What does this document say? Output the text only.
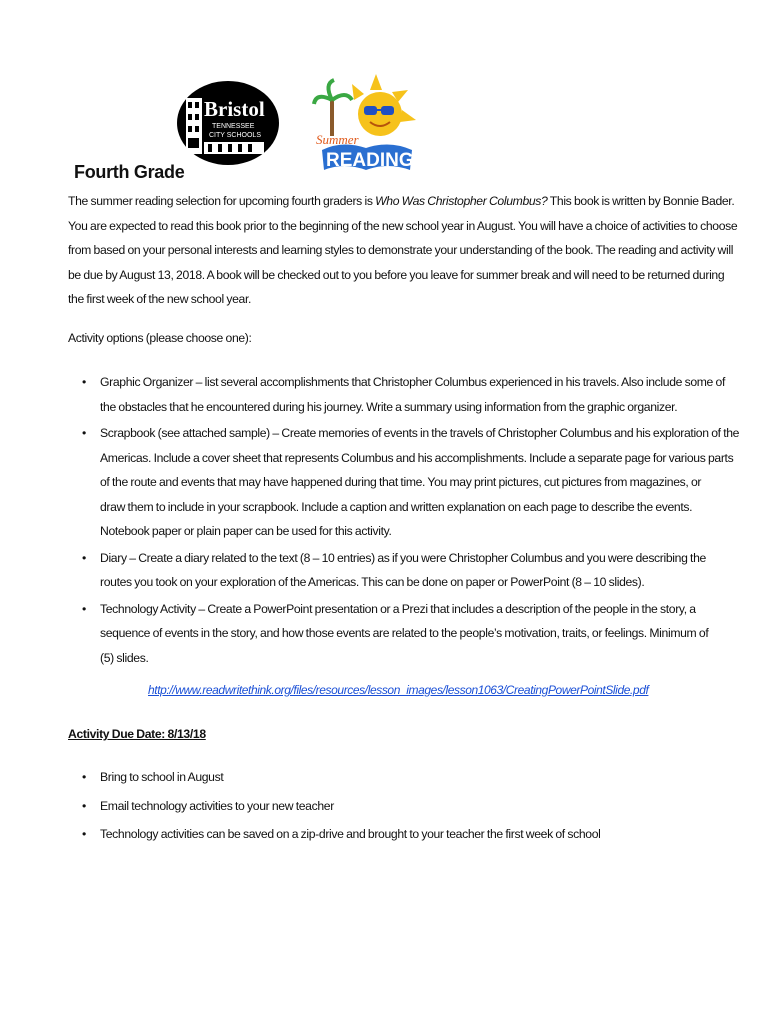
Bristol
TENNESSEE
CITY SCHOOLS	Summer
READING
Fourth Grade
The summer reading selection for upcoming fourth graders is Who Was Christopher Columbus? This book is written by Bonnie Bader.
You are expected to read this book prior to the beginning of the new school year in August. You will have a choice of activities to choose
from based on your personal interests and learning styles to demonstrate your understanding of the book. The reading and activity will
be due by August 13, 2018. A book will be checked out to you before you leave for summer break and will need to be returned during
the first week of the new school year.
Activity options (please choose one):
• Graphic Organizer – list several accomplishments that Christopher Columbus experienced in his travels. Also include some of
the obstacles that he encountered during his journey. Write a summary using information from the graphic organizer.
• Scrapbook (see attached sample) – Create memories of events in the travels of Christopher Columbus and his exploration of the
Americas. Include a cover sheet that represents Columbus and his accomplishments. Include a separate page for various parts
of the route and events that may have happened during that time. You may print pictures, cut pictures from magazines, or
draw them to include in your scrapbook. Include a caption and written explanation on each page to describe the events.
Notebook paper or plain paper can be used for this activity.
• Diary – Create a diary related to the text (8 – 10 entries) as if you were Christopher Columbus and you were describing the
routes you took on your exploration of the Americas. This can be done on paper or PowerPoint (8 – 10 slides).
• Technology Activity – Create a PowerPoint presentation or a Prezi that includes a description of the people in the story, a
sequence of events in the story, and how those events are related to the people’s motivation, traits, or feelings. Minimum of
(5) slides.
http://www.readwritethink.org/files/resources/lesson_images/lesson1063/CreatingPowerPointSlide.pdf
Activity Due Date: 8/13/18
• Bring to school in August
• Email technology activities to your new teacher
• Technology activities can be saved on a zip-drive and brought to your teacher the first week of school
